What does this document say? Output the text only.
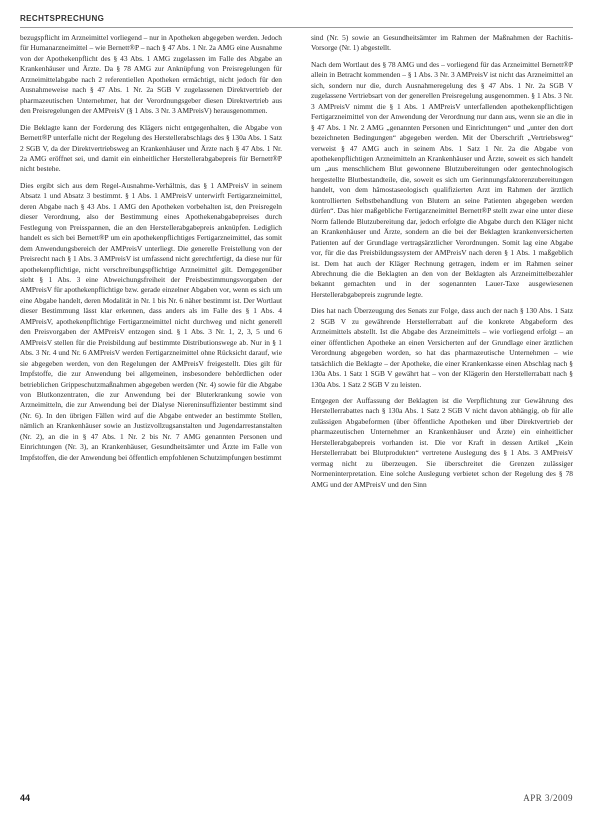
RECHTSPRECHUNG

bezugspflicht im Arzneimittel vorliegend – nur in Apotheken abgegeben werden. Jedoch für Humanarzneimittel – wie Bernett®P – nach § 47 Abs. 1 Nr. 2a AMG eine Ausnahme von der Apothekenpflicht des § 43 Abs. 1 AMG zugelassen im Falle des Abgabe an Krankenhäuser und Ärzte. Da § 78 AMG zur Anknüpfung von Preisregelungen für Arzneimittelabgabe nach 2 referentiellen Apotheken ermächtigt, nicht jedoch für den Ausnahmeweise nach § 47 Abs. 1 Nr. 2a SGB V zugelassenen Direktvertrieb der pharmazeutischen Unternehmer, hat der Verordnungsgeber diesen Direktvertrieb aus den Preisregelungen der AMPreisV (§ 1 Abs. 3 Nr. 3 AMPreisV) herausgenommen.

Die Beklagte kann der Forderung des Klägers nicht entgegenhalten, die Abgabe von Bernett®P unterfalle nicht der Regelung des Herstellerabschlags des § 130a Abs. 1 Satz 2 SGB V, da der Direktvertriebsweg an Krankenhäuser und Ärzte nach § 47 Abs. 1 Nr. 2a AMG eröffnet sei, und damit ein einheitlicher Herstellerabgabepreis für Bernett®P nicht bestehe.

Dies ergibt sich aus dem Regel-Ausnahme-Verhältnis, das § 1 AMPreisV in seinem Absatz 1 und Absatz 3 bestimmt. § 1 Abs. 1 AMPreisV unterwirft Fertigarzneimittel, deren Abgabe nach § 43 Abs. 1 AMG den Apotheken vorbehalten ist, den Preisregeln dieser Verordnung, also der Bestimmung eines Apothekenabgabepreises durch Festlegung von Preisspannen, die an den Herstellerabgabepreis anknüpfen. Lediglich handelt es sich bei Bernett®P um ein apothekenpflichtiges Fertigarzneimittel, das somit dem Anwendungsbereich der AMPreisV unterliegt. Die generelle Freistellung von der Preisrecht nach § 1 Abs. 3 AMPreisV ist umfassend nicht gerechtfertigt, da diese nur für apothekenpflichtige, nicht verschreibungspflichtige Arzneimittel gilt. Demgegenüber sieht § 1 Abs. 3 eine Abweichungsfreiheit der Preisbestimmungsvorgaben der AMPreisV für apothekenpflichtige bzw. gerade einzelner Abgaben vor, wenn es sich um eine Abgabe handelt, deren Modalität in Nr. 1 bis Nr. 6 näher bestimmt ist. Der Wortlaut dieser Bestimmung lässt klar erkennen, dass anders als im Falle des § 1 Abs. 4 AMPreisV, apothekenpflichtige Fertigarzneimittel nicht durchweg und nicht generell den Preisvorgaben der AMPreisV entzogen sind. § 1 Abs. 3 Nr. 1, 2, 3, 5 und 6 AMPreisV stellen für die Preisbildung auf bestimmte Distributionswege ab. Nur in § 1 Abs. 3 Nr. 4 und Nr. 6 AMPreisV werden Fertigarzneimittel ohne Rücksicht darauf, wie sie abgegeben werden, von den Regelungen der AMPreisV freigestellt. Dies gilt für Impfstoffe, die zur Anwendung bei allgemeinen, insbesondere behördlichen oder betrieblichen Grippeschutzmaßnahmen abgegeben werden (Nr. 4) sowie für die Abgabe von Blutkonzentraten, die zur Anwendung bei der Bluterkrankung sowie von Arzneimitteln, die zur Anwendung bei der Dialyse Niereninsuffizienter bestimmt sind (Nr. 6). In den übrigen Fällen wird auf die Abgabe entweder an bestimmte Stellen, nämlich an Krankenhäuser sowie an Justizvollzugsanstalten und Jugendarrestanstalten (Nr. 2), an die in § 47 Abs. 1 Nr. 2 bis Nr. 7 AMG genannten Personen und Einrichtungen (Nr. 3), an Krankenhäuser, Gesundheitsämter und Ärzte im Falle von Impfstoffen, die der Anwendung bei öffentlich empfohlenen Schutzimpfungen bestimmt

sind (Nr. 5) sowie an Gesundheitsämter im Rahmen der Maßnahmen der Rachitis-Vorsorge (Nr. 1) abgestellt.

Nach dem Wortlaut des § 78 AMG und des – vorliegend für das Arzneimittel Bernett®P allein in Betracht kommenden – § 1 Abs. 3 Nr. 3 AMPreisV ist nicht das Arzneimittel an sich, sondern nur die, durch Ausnahmeregelung des § 47 Abs. 1 Nr. 2a SGB V zugelassene Vertriebsart von der generellen Preisregelung ausgenommen. § 1 Abs. 3 Nr. 3 AMPreisV nimmt die § 1 Abs. 1 AMPreisV unterfallenden apothekenpflichtigen Fertigarzneimittel von der Anwendung der Verordnung nur dann aus, wenn sie an die in § 47 Abs. 1 Nr. 2 AMG „genannten Personen und Einrichtungen“ und „unter den dort bezeichneten Bedingungen“ abgegeben werden. Mit der Überschrift „Vertriebsweg“ verweist § 47 AMG auch in seinem Abs. 1 Satz 1 Nr. 2a die Abgabe von apothekenpflichtigen Arzneimitteln an Krankenhäuser und Ärzte, soweit es sich handelt um „aus menschlichem Blut gewonnene Blutzubereitungen oder gentechnologisch hergestellte Blutbestandteile, die, soweit es sich um Gerinnungsfaktorenzubereitungen handelt, von dem hämostaseologisch qualifizierten Arzt im Rahmen der ärztlich kontrollierten Selbstbehandlung von Blutern an seine Patienten abgegeben werden dürfen“. Das hier maßgebliche Fertigarzneimittel Bernett®P stellt zwar eine unter diese Norm fallende Blutzubereitung dar, jedoch erfolgte die Abgabe durch den Kläger nicht an Krankenhäuser und Ärzte, sondern an die bei der Beklagten krankenversicherten Patienten auf der Grundlage vertragsärztlicher Verordnungen. Somit lag eine Abgabe vor, für die das Preisbildungssystem der AMPreisV nach deren § 1 Abs. 1 maßgeblich ist. Dem hat auch der Kläger Rechnung getragen, indem er im Rahmen seiner Abrechnung die die Beklagten an den von der Beklagten als Arzneimittelbezahler bekannt gemachten und in der sogenannten Lauer-Taxe ausgewiesenen Herstellerabgabepreis zugrunde legte.

Dies hat nach Überzeugung des Senats zur Folge, dass auch der nach § 130 Abs. 1 Satz 2 SGB V zu gewährende Herstellerrabatt auf die konkrete Abgabeform des Arzneimittels abstellt. Ist die Abgabe des Arzneimittels – wie vorliegend erfolgt – an einer öffentlichen Apotheke an einen Versicherten auf der Grundlage einer ärztlichen Verordnung abgegeben worden, so hat das pharmazeutische Unternehmen – wie tatsächlich die Beklagte – der Apotheke, die einer Krankenkasse einen Abschlag nach § 130a Abs. 1 Satz 1 SGB V gewährt hat – von der Klägerin den Herstellerrabatt nach § 130a Abs. 1 Satz 2 SGB V zu leisten.

Entgegen der Auffassung der Beklagten ist die Verpflichtung zur Gewährung des Herstellerrabattes nach § 130a Abs. 1 Satz 2 SGB V nicht davon abhängig, ob für alle zulässigen Abgabeformen (über öffentliche Apotheken und über Direktvertrieb der pharmazeutischen Unternehmer an Krankenhäuser und Ärzte) ein einheitlicher Herstellerabgabepreis vorhanden ist. Die vor Kraft in dessen Artikel „Kein Herstellerrabatt bei Blutprodukten“ vertretene Auslegung des § 1 Abs. 3 AMPreisV vermag nicht zu überzeugen. Sie überschreitet die Grenzen zulässiger Normeninterpretation. Eine solche Auslegung verbietet schon der Regelung des § 78 AMG und der AMPreisV und den Sinn

44	APR 3/2009
